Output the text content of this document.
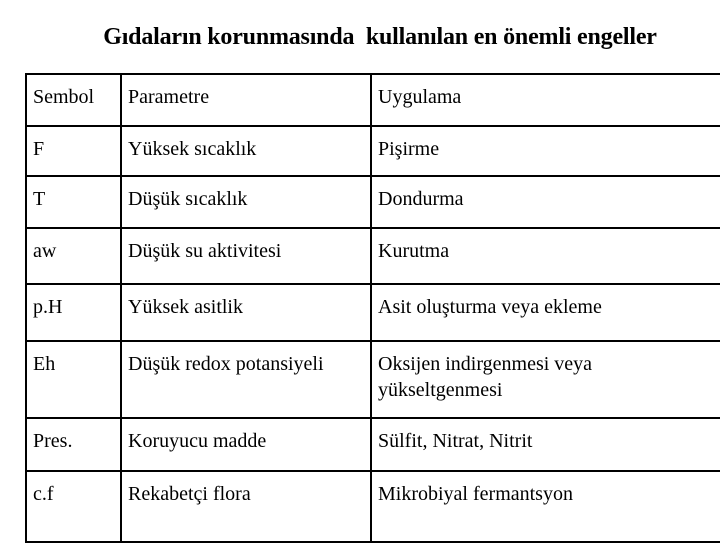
Gıdaların korunmasında  kullanılan en önemli engeller
Sembol	Parametre	Uygulama
F	Yüksek sıcaklık	Pişirme
T	Düşük sıcaklık	Dondurma
aw	Düşük su aktivitesi	Kurutma
p.H	Yüksek asitlik	Asit oluşturma veya ekleme
Eh	Düşük redox potansiyeli	Oksijen indirgenmesi veya yükseltgenmesi
Pres.	Koruyucu madde	Sülfit, Nitrat, Nitrit
c.f	Rekabetçi flora	Mikrobiyal fermantsyon
